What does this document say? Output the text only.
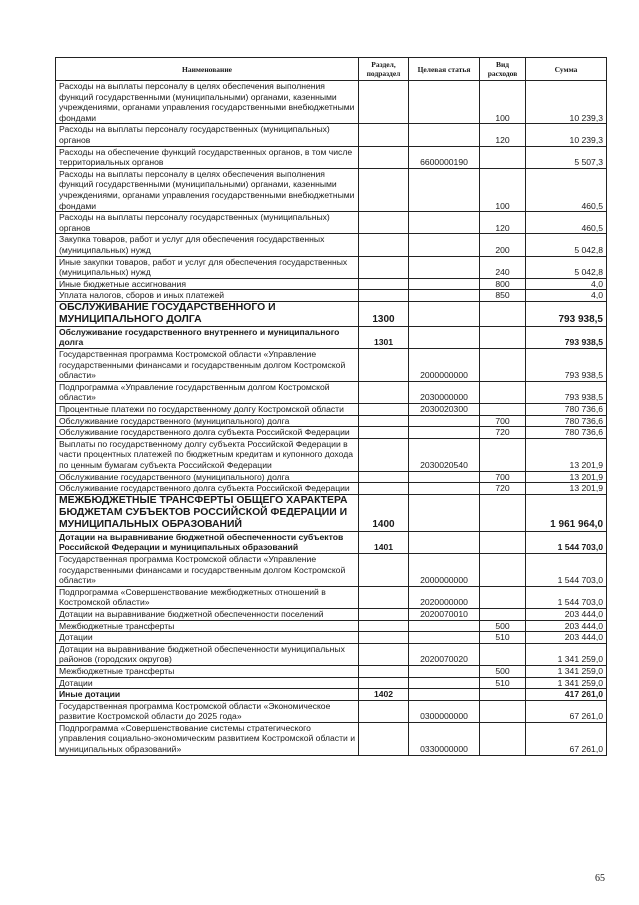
Наименование	Раздел, подраздел	Целевая статья	Вид расходов	Сумма
Расходы на выплаты персоналу в целях обеспечения выполнения функций государственными (муниципальными) органами, казенными учреждениями, органами управления государственными внебюджетными фондами			100	10 239,3
Расходы на выплаты персоналу государственных (муниципальных) органов			120	10 239,3
Расходы на обеспечение функций государственных органов, в том числе территориальных органов		6600000190		5 507,3
Расходы на выплаты персоналу в целях обеспечения выполнения функций государственными (муниципальными) органами, казенными учреждениями, органами управления государственными внебюджетными фондами			100	460,5
Расходы на выплаты персоналу государственных (муниципальных) органов			120	460,5
Закупка товаров, работ и услуг для обеспечения государственных (муниципальных) нужд			200	5 042,8
Иные закупки товаров, работ и услуг для обеспечения государственных (муниципальных) нужд			240	5 042,8
Иные бюджетные ассигнования			800	4,0
Уплата налогов, сборов и иных платежей			850	4,0
ОБСЛУЖИВАНИЕ ГОСУДАРСТВЕННОГО И МУНИЦИПАЛЬНОГО ДОЛГА	1300			793 938,5
Обслуживание государственного внутреннего и муниципального долга	1301			793 938,5
Государственная программа Костромской области «Управление государственными финансами и государственным долгом Костромской области»		2000000000		793 938,5
Подпрограмма «Управление государственным долгом Костромской области»		2030000000		793 938,5
Процентные платежи по государственному долгу Костромской области		2030020300		780 736,6
Обслуживание государственного (муниципального) долга			700	780 736,6
Обслуживание государственного долга субъекта Российской Федерации			720	780 736,6
Выплаты по государственному долгу субъекта Российской Федерации в части процентных платежей по бюджетным кредитам и купонного дохода по ценным бумагам субъекта Российской Федерации		2030020540		13 201,9
Обслуживание государственного (муниципального) долга			700	13 201,9
Обслуживание государственного долга субъекта Российской Федерации			720	13 201,9
МЕЖБЮДЖЕТНЫЕ ТРАНСФЕРТЫ ОБЩЕГО ХАРАКТЕРА БЮДЖЕТАМ СУБЪЕКТОВ РОССИЙСКОЙ ФЕДЕРАЦИИ И МУНИЦИПАЛЬНЫХ ОБРАЗОВАНИЙ	1400			1 961 964,0
Дотации на выравнивание бюджетной обеспеченности субъектов Российской Федерации и муниципальных образований	1401			1 544 703,0
Государственная программа Костромской области «Управление государственными финансами и государственным долгом Костромской области»		2000000000		1 544 703,0
Подпрограмма «Совершенствование межбюджетных отношений в Костромской области»		2020000000		1 544 703,0
Дотации на выравнивание бюджетной обеспеченности поселений		2020070010		203 444,0
Межбюджетные трансферты			500	203 444,0
Дотации			510	203 444,0
Дотации на выравнивание бюджетной обеспеченности муниципальных районов (городских округов)		2020070020		1 341 259,0
Межбюджетные трансферты			500	1 341 259,0
Дотации			510	1 341 259,0
Иные дотации	1402			417 261,0
Государственная программа Костромской области «Экономическое развитие Костромской области до 2025 года»		0300000000		67 261,0
Подпрограмма «Совершенствование системы стратегического управления социально-экономическим развитием Костромской области и муниципальных образований»		0330000000		67 261,0
65
